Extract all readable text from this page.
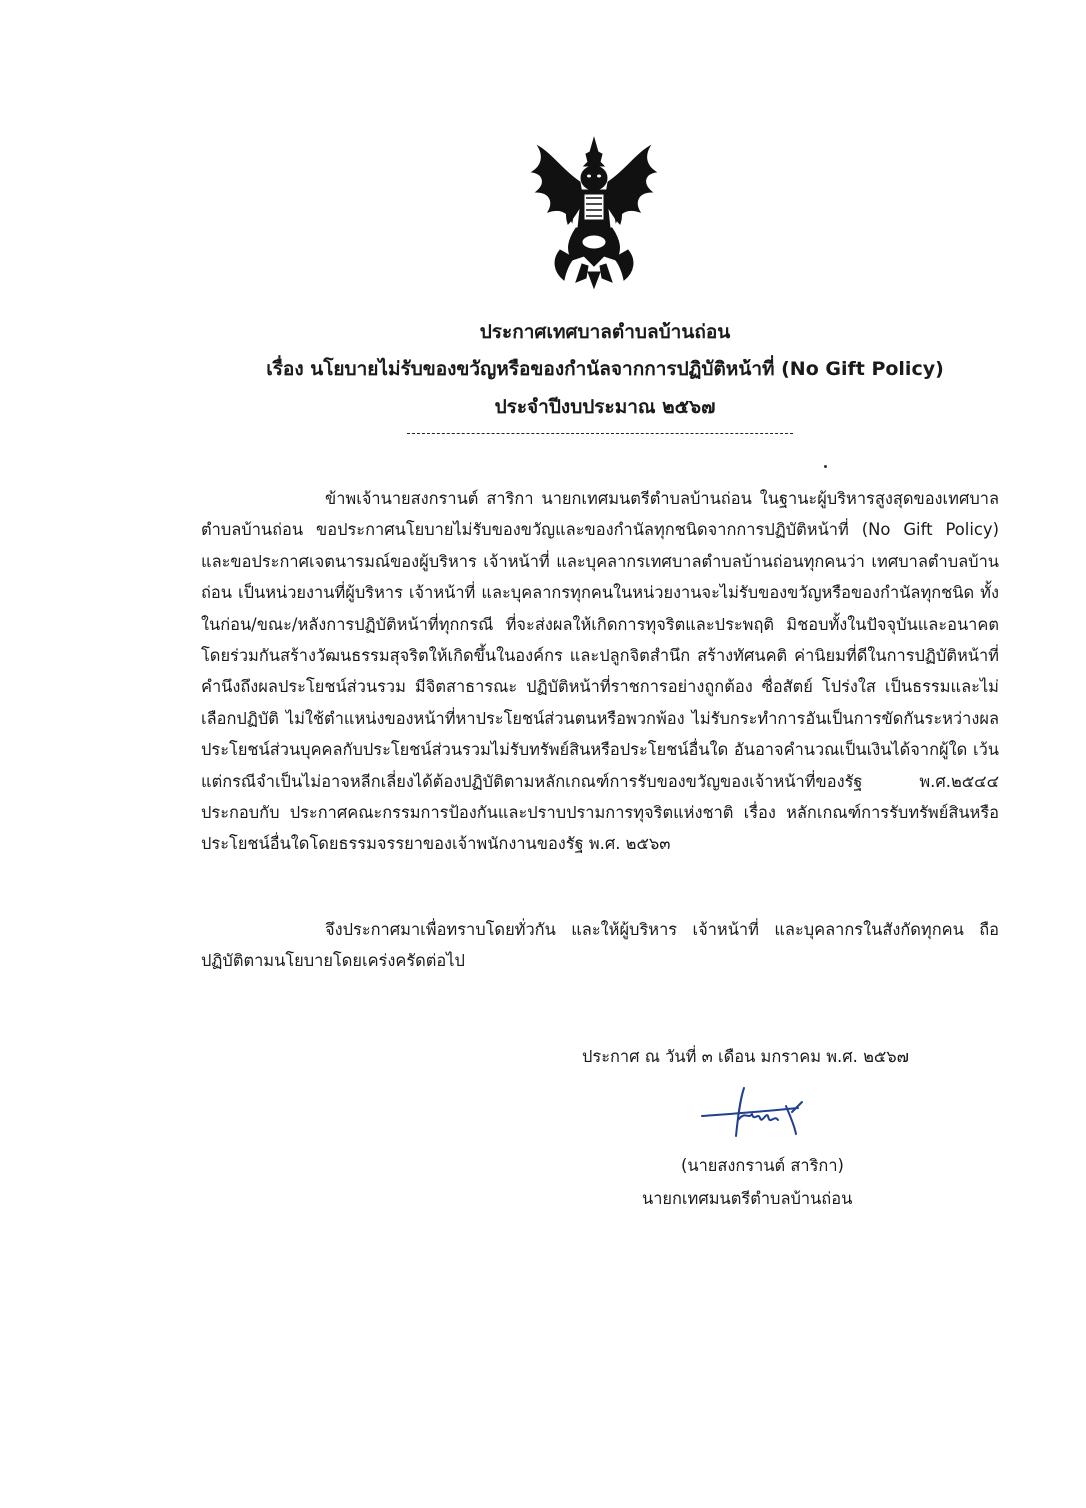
ประกาศเทศบาลตำบลบ้านถ่อน
เรื่อง นโยบายไม่รับของขวัญหรือของกำนัลจากการปฏิบัติหน้าที่ (No Gift Policy)
ประจำปีงบประมาณ ๒๕๖๗
ข้าพเจ้านายสงกรานต์ สาริกา นายกเทศมนตรีตำบลบ้านถ่อน ในฐานะผู้บริหารสูงสุดของเทศบาลตำบลบ้านถ่อน ขอประกาศนโยบายไม่รับของขวัญและของกำนัลทุกชนิดจากการปฏิบัติหน้าที่ (No Gift Policy) และขอประกาศเจตนารมณ์ของผู้บริหาร เจ้าหน้าที่ และบุคลากรเทศบาลตำบลบ้านถ่อนทุกคนว่า เทศบาลตำบลบ้านถ่อน เป็นหน่วยงานที่ผู้บริหาร เจ้าหน้าที่ และบุคลากรทุกคนในหน่วยงานจะไม่รับของขวัญหรือของกำนัลทุกชนิด ทั้งในก่อน/ขณะ/หลังการปฏิบัติหน้าที่ทุกกรณี ที่จะส่งผลให้เกิดการทุจริตและประพฤติ มิชอบทั้งในปัจจุบันและอนาคต โดยร่วมกันสร้างวัฒนธรรมสุจริตให้เกิดขึ้นในองค์กร และปลูกจิตสำนึก สร้างทัศนคติ ค่านิยมที่ดีในการปฏิบัติหน้าที่ คำนึงถึงผลประโยชน์ส่วนรวม มีจิตสาธารณะ ปฏิบัติหน้าที่ราชการอย่างถูกต้อง ซื่อสัตย์ โปร่งใส เป็นธรรมและไม่เลือกปฏิบัติ ไม่ใช้ตำแหน่งของหน้าที่หาประโยชน์ส่วนตนหรือพวกพ้อง ไม่รับกระทำการอันเป็นการขัดกันระหว่างผลประโยชน์ส่วนบุคคลกับประโยชน์ส่วนรวมไม่รับทรัพย์สินหรือประโยชน์อื่นใด อันอาจคำนวณเป็นเงินได้จากผู้ใด เว้นแต่กรณีจำเป็นไม่อาจหลีกเลี่ยงได้ต้องปฏิบัติตามหลักเกณฑ์การรับของขวัญของเจ้าหน้าที่ของรัฐ พ.ศ.๒๕๔๔ ประกอบกับ ประกาศคณะกรรมการป้องกันและปราบปรามการทุจริตแห่งชาติ เรื่อง หลักเกณฑ์การรับทรัพย์สินหรือประโยชน์อื่นใดโดยธรรมจรรยาของเจ้าพนักงานของรัฐ พ.ศ. ๒๕๖๓
จึงประกาศมาเพื่อทราบโดยทั่วกัน และให้ผู้บริหาร เจ้าหน้าที่ และบุคลากรในสังกัดทุกคน ถือปฏิบัติตามนโยบายโดยเคร่งครัดต่อไป
ประกาศ ณ วันที่ ๓ เดือน มกราคม พ.ศ. ๒๕๖๗
(นายสงกรานต์ สาริกา)
นายกเทศมนตรีตำบลบ้านถ่อน
